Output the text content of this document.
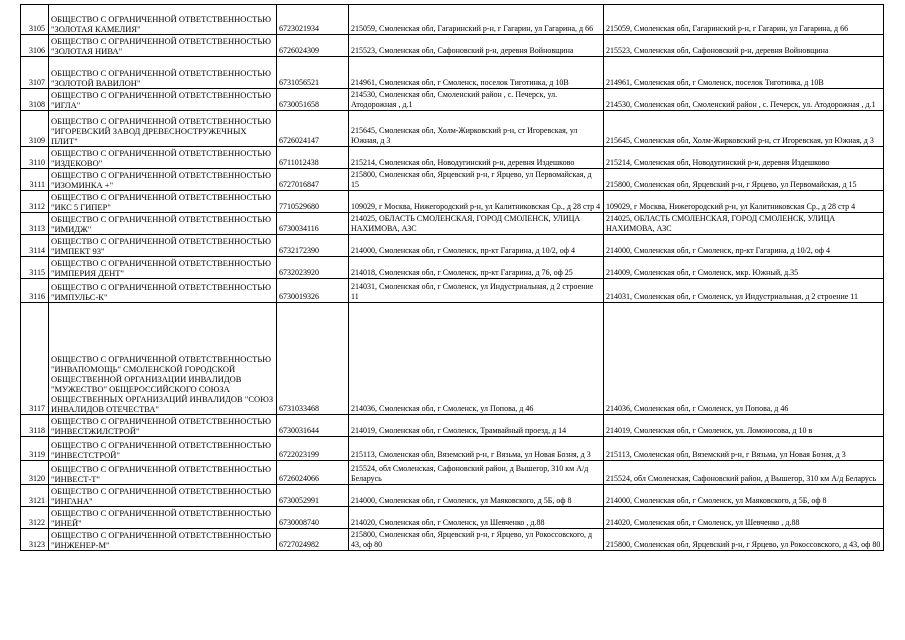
3105	ОБЩЕСТВО С ОГРАНИЧЕННОЙ ОТВЕТСТВЕННОСТЬЮ "ЗОЛОТАЯ КАМЕЛИЯ"	6723021934	215059, Смоленская обл, Гагаринский р-н, г Гагарин, ул Гагарина, д 66	215059, Смоленская обл, Гагаринский р-н, г Гагарин, ул Гагарина, д 66
3106	ОБЩЕСТВО С ОГРАНИЧЕННОЙ ОТВЕТСТВЕННОСТЬЮ "ЗОЛОТАЯ НИВА"	6726024309	215523, Смоленская обл, Сафоновский р-н, деревня Войновщина	215523, Смоленская обл, Сафоновский р-н, деревня Войновщина
3107	ОБЩЕСТВО С ОГРАНИЧЕННОЙ ОТВЕТСТВЕННОСТЬЮ "ЗОЛОТОЙ ВАВИЛОН"	6731056521	214961, Смоленская обл, г Смоленск, поселок Тиготинка, д 10В	214961, Смоленская обл, г Смоленск, поселок Тиготинка, д 10В
3108	ОБЩЕСТВО С ОГРАНИЧЕННОЙ ОТВЕТСТВЕННОСТЬЮ "ИГЛА"	6730051658	214530, Смоленская обл, Смоленский район , с. Печерск, ул. Атодорожная , д.1	214530, Смоленская обл, Смоленский район , с. Печерск, ул. Атодорожная , д.1
3109	ОБЩЕСТВО С ОГРАНИЧЕННОЙ ОТВЕТСТВЕННОСТЬЮ "ИГОРЕВСКИЙ ЗАВОД ДРЕВЕСНОСТРУЖЕЧНЫХ ПЛИТ"	6726024147	215645, Смоленская обл, Холм-Жирковский р-н, ст Игоревская, ул Южная, д 3	215645, Смоленская обл, Холм-Жирковский р-н, ст Игоревская, ул Южная, д 3
3110	ОБЩЕСТВО С ОГРАНИЧЕННОЙ ОТВЕТСТВЕННОСТЬЮ "ИЗДЕКОВО"	6711012438	215214, Смоленская обл, Новодугинский р-н, деревня Издешково	215214, Смоленская обл, Новодугинский р-н, деревня Издешково
3111	ОБЩЕСТВО С ОГРАНИЧЕННОЙ ОТВЕТСТВЕННОСТЬЮ "ИЗОМИНКА +"	6727016847	215800, Смоленская обл, Ярцевский р-н, г Ярцево, ул Первомайская, д 15	215800, Смоленская обл, Ярцевский р-н, г Ярцево, ул Первомайская, д 15
3112	ОБЩЕСТВО С ОГРАНИЧЕННОЙ ОТВЕТСТВЕННОСТЬЮ "ИКС 5 ГИПЕР"	7710529680	109029, г Москва, Нижегородский р-н, ул Калитниковская Ср., д 28 стр 4	109029, г Москва, Нижегородский р-н, ул Калитниковская Ср., д 28 стр 4
3113	ОБЩЕСТВО С ОГРАНИЧЕННОЙ ОТВЕТСТВЕННОСТЬЮ "ИМИДЖ"	6730034116	214025, ОБЛАСТЬ СМОЛЕНСКАЯ, ГОРОД СМОЛЕНСК, УЛИЦА НАХИМОВА, АЗС	214025, ОБЛАСТЬ СМОЛЕНСКАЯ, ГОРОД СМОЛЕНСК, УЛИЦА НАХИМОВА, АЗС
3114	ОБЩЕСТВО С ОГРАНИЧЕННОЙ ОТВЕТСТВЕННОСТЬЮ "ИМПЕКТ 93"	6732172390	214000, Смоленская обл, г Смоленск, пр-кт Гагарина, д 10/2, оф 4	214000, Смоленская обл, г Смоленск, пр-кт Гагарина, д 10/2, оф 4
3115	ОБЩЕСТВО С ОГРАНИЧЕННОЙ ОТВЕТСТВЕННОСТЬЮ "ИМПЕРИЯ ДЕНТ"	6732023920	214018, Смоленская обл, г Смоленск, пр-кт Гагарина, д 76, оф 25	214009, Смоленская обл, г Смоленск, мкр. Южный, д.35
3116	ОБЩЕСТВО С ОГРАНИЧЕННОЙ ОТВЕТСТВЕННОСТЬЮ "ИМПУЛЬС-К"	6730019326	214031, Смоленская обл, г Смоленск, ул Индустриальная, д 2 строение 11	214031, Смоленская обл, г Смоленск, ул Индустриальная, д 2 строение 11
3117	ОБЩЕСТВО С ОГРАНИЧЕННОЙ ОТВЕТСТВЕННОСТЬЮ "ИНВАПОМОЩЬ" СМОЛЕНСКОЙ ГОРОДСКОЙ ОБЩЕСТВЕННОЙ ОРГАНИЗАЦИИ ИНВАЛИДОВ "МУЖЕСТВО" ОБЩЕРОССИЙСКОГО СОЮЗА ОБЩЕСТВЕННЫХ ОРГАНИЗАЦИЙ ИНВАЛИДОВ "СОЮЗ ИНВАЛИДОВ ОТЕЧЕСТВА"	6731033468	214036, Смоленская обл, г Смоленск, ул Попова, д 46	214036, Смоленская обл, г Смоленск, ул Попова, д 46
3118	ОБЩЕСТВО С ОГРАНИЧЕННОЙ ОТВЕТСТВЕННОСТЬЮ "ИНВЕСТЖИЛСТРОЙ"	6730031644	214019, Смоленская обл, г Смоленск, Трамвайный проезд, д 14	214019, Смоленская обл, г Смоленск, ул. Ломоносова, д 10 в
3119	ОБЩЕСТВО С ОГРАНИЧЕННОЙ ОТВЕТСТВЕННОСТЬЮ "ИНВЕСТСТРОЙ"	6722023199	215113, Смоленская обл, Вяземский р-н, г Вязьма, ул Новая Бозня, д 3	215113, Смоленская обл, Вяземский р-н, г Вязьма, ул Новая Бозня, д 3
3120	ОБЩЕСТВО С ОГРАНИЧЕННОЙ ОТВЕТСТВЕННОСТЬЮ "ИНВЕСТ-Т"	6726024066	215524, обл Смоленская, Сафоновский район, д Вышегор, 310 км А/д Беларусь	215524, обл Смоленская, Сафоновский район, д Вышегор, 310 км А/д Беларусь
3121	ОБЩЕСТВО С ОГРАНИЧЕННОЙ ОТВЕТСТВЕННОСТЬЮ "ИНГАНА"	6730052991	214000, Смоленская обл, г Смоленск, ул Маяковского, д 5Б, оф 8	214000, Смоленская обл, г Смоленск, ул Маяковского, д 5Б, оф 8
3122	ОБЩЕСТВО С ОГРАНИЧЕННОЙ ОТВЕТСТВЕННОСТЬЮ "ИНЕЙ"	6730008740	214020, Смоленская обл, г Смоленск, ул Шевченко , д.88	214020, Смоленская обл, г Смоленск, ул Шевченко , д.88
3123	ОБЩЕСТВО С ОГРАНИЧЕННОЙ ОТВЕТСТВЕННОСТЬЮ "ИНЖЕНЕР-М"	6727024982	215800, Смоленская обл, Ярцевский р-н, г Ярцево, ул Рокоссовского, д 43, оф 80	215800, Смоленская обл, Ярцевский р-н, г Ярцево, ул Рокоссовского, д 43, оф 80
